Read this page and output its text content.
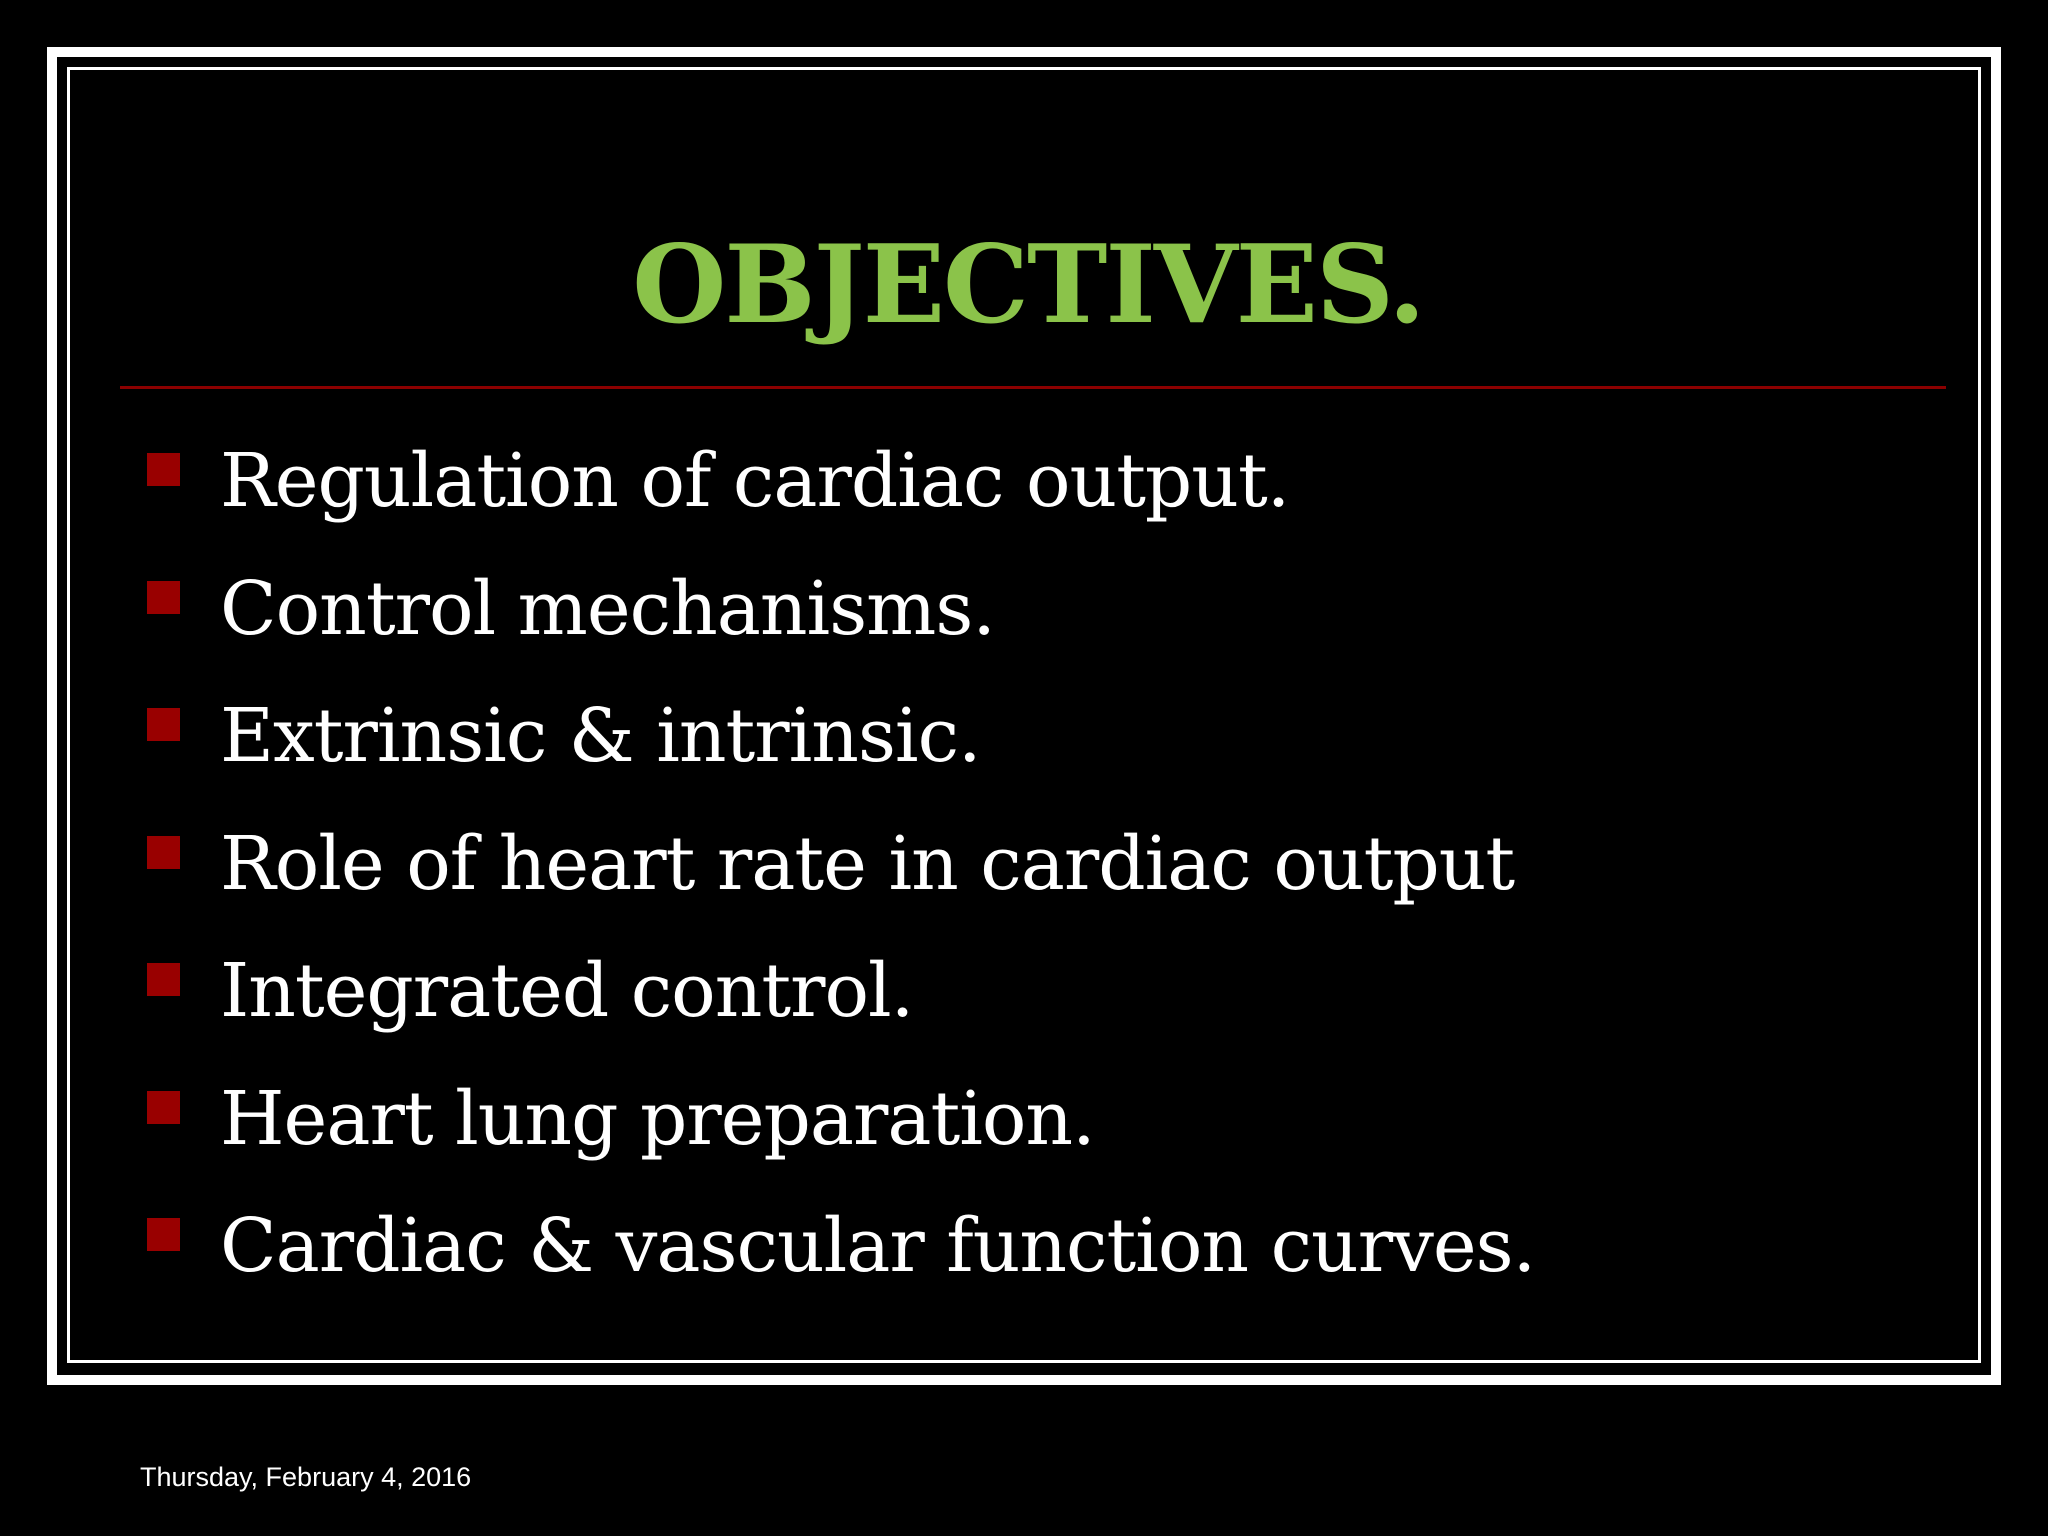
OBJECTIVES.
Regulation of cardiac output.
Control mechanisms.
Extrinsic & intrinsic.
Role of heart rate in cardiac output
Integrated control.
Heart lung preparation.
Cardiac & vascular function curves.
Thursday, February 4, 2016
